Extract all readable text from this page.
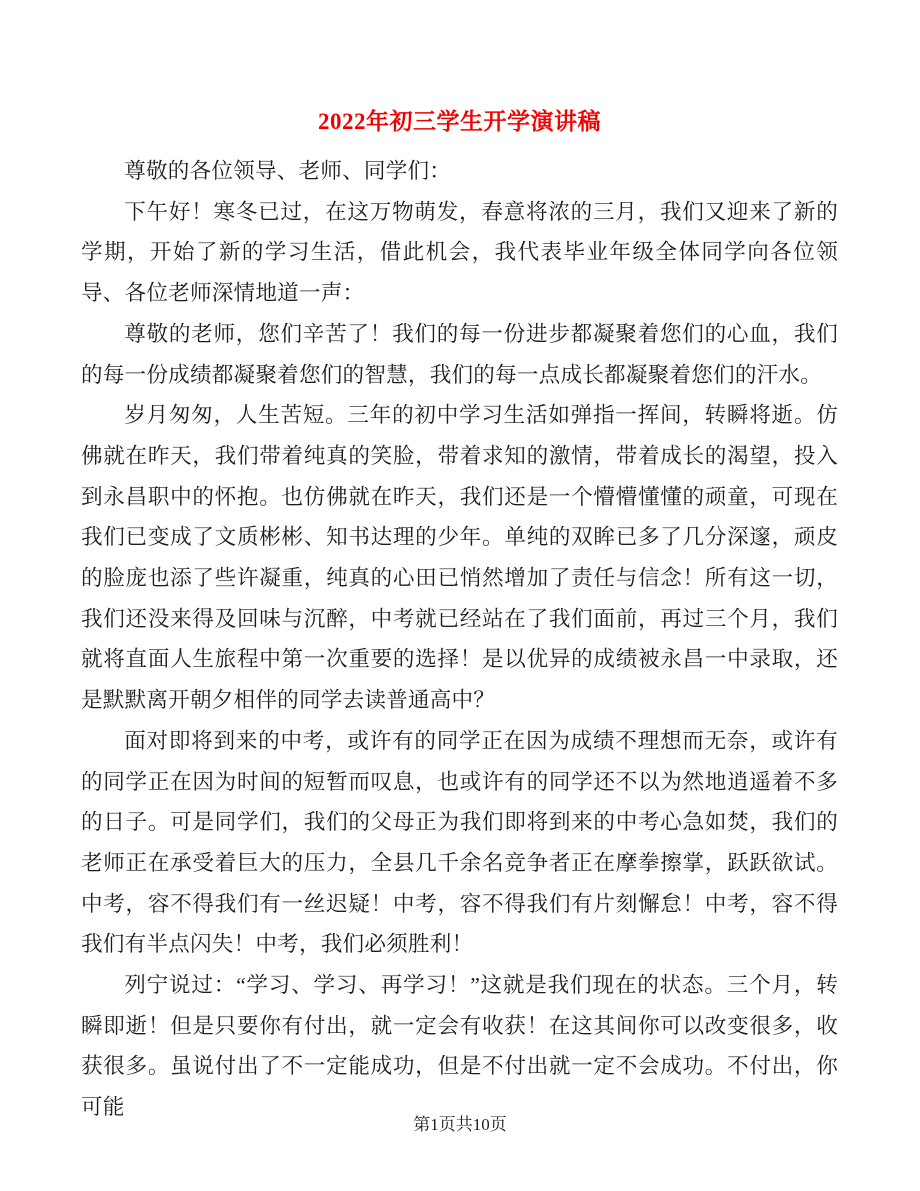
2022年初三学生开学演讲稿

尊敬的各位领导、老师、同学们：

下午好！寒冬已过，在这万物萌发，春意将浓的三月，我们又迎来了新的学期，开始了新的学习生活，借此机会，我代表毕业年级全体同学向各位领导、各位老师深情地道一声：

尊敬的老师，您们辛苦了！我们的每一份进步都凝聚着您们的心血，我们的每一份成绩都凝聚着您们的智慧，我们的每一点成长都凝聚着您们的汗水。

岁月匆匆，人生苦短。三年的初中学习生活如弹指一挥间，转瞬将逝。仿佛就在昨天，我们带着纯真的笑脸，带着求知的激情，带着成长的渴望，投入到永昌职中的怀抱。也仿佛就在昨天，我们还是一个懵懵懂懂的顽童，可现在我们已变成了文质彬彬、知书达理的少年。单纯的双眸已多了几分深邃，顽皮的脸庞也添了些许凝重，纯真的心田已悄然增加了责任与信念！所有这一切，我们还没来得及回味与沉醉，中考就已经站在了我们面前，再过三个月，我们就将直面人生旅程中第一次重要的选择！是以优异的成绩被永昌一中录取，还是默默离开朝夕相伴的同学去读普通高中？

面对即将到来的中考，或许有的同学正在因为成绩不理想而无奈，或许有的同学正在因为时间的短暂而叹息，也或许有的同学还不以为然地逍遥着不多的日子。可是同学们，我们的父母正为我们即将到来的中考心急如焚，我们的老师正在承受着巨大的压力，全县几千余名竞争者正在摩拳擦掌，跃跃欲试。中考，容不得我们有一丝迟疑！中考，容不得我们有片刻懈怠！中考，容不得我们有半点闪失！中考，我们必须胜利！

列宁说过：“学习、学习、再学习！”这就是我们现在的状态。三个月，转瞬即逝！但是只要你有付出，就一定会有收获！在这其间你可以改变很多，收获很多。虽说付出了不一定能成功，但是不付出就一定不会成功。不付出，你可能

第1页共10页
